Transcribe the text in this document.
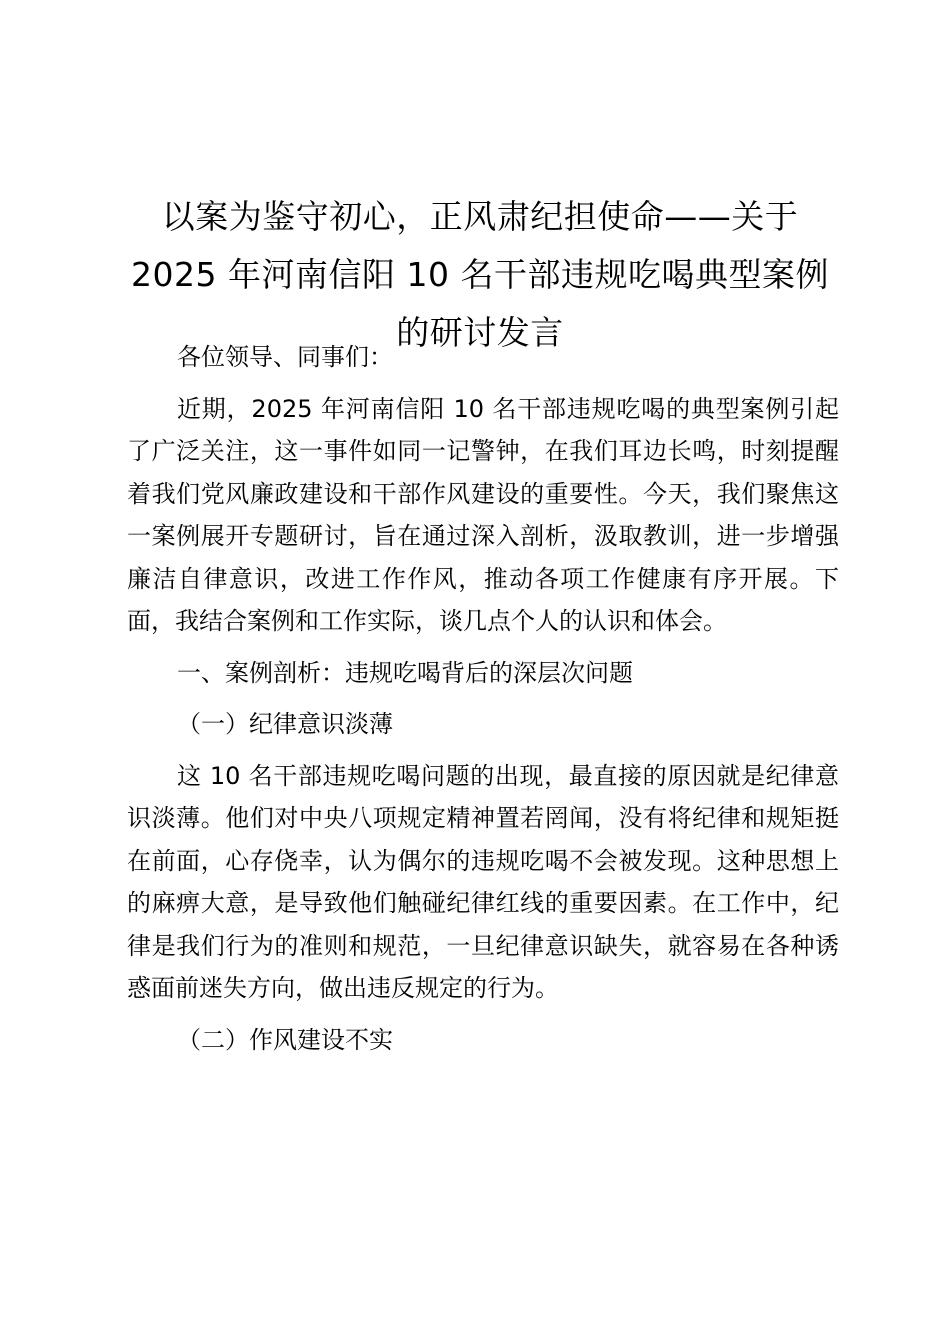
以案为鉴守初心，正风肃纪担使命——关于
2025 年河南信阳 10 名干部违规吃喝典型案例
的研讨发言

各位领导、同事们：

近期，2025 年河南信阳 10 名干部违规吃喝的典型案例引起了广泛关注，这一事件如同一记警钟，在我们耳边长鸣，时刻提醒着我们党风廉政建设和干部作风建设的重要性。今天，我们聚焦这一案例展开专题研讨，旨在通过深入剖析，汲取教训，进一步增强廉洁自律意识，改进工作作风，推动各项工作健康有序开展。下面，我结合案例和工作实际，谈几点个人的认识和体会。

一、案例剖析：违规吃喝背后的深层次问题

（一）纪律意识淡薄

这 10 名干部违规吃喝问题的出现，最直接的原因就是纪律意识淡薄。他们对中央八项规定精神置若罔闻，没有将纪律和规矩挺在前面，心存侥幸，认为偶尔的违规吃喝不会被发现。这种思想上的麻痹大意，是导致他们触碰纪律红线的重要因素。在工作中，纪律是我们行为的准则和规范，一旦纪律意识缺失，就容易在各种诱惑面前迷失方向，做出违反规定的行为。

（二）作风建设不实
